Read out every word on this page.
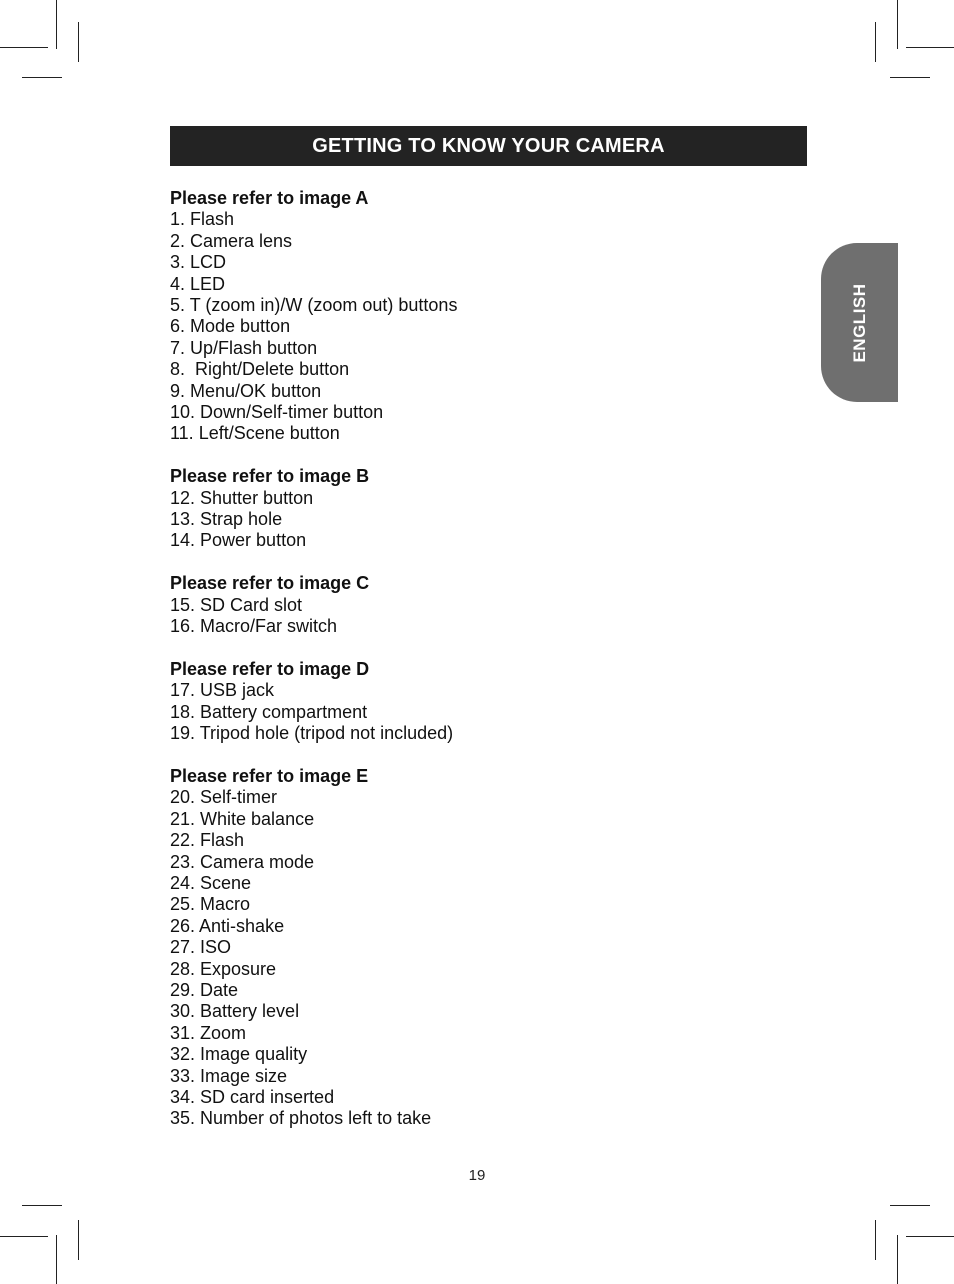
GETTING TO KNOW YOUR CAMERA
ENGLISH
Please refer to image A
1. Flash
2. Camera lens
3. LCD
4. LED
5. T (zoom in)/W (zoom out) buttons
6. Mode button
7. Up/Flash button
8.  Right/Delete button
9. Menu/OK button
10. Down/Self-timer button
11. Left/Scene button
Please refer to image B
12. Shutter button
13. Strap hole
14. Power button
Please refer to image C
15. SD Card slot
16. Macro/Far switch
Please refer to image D
17. USB jack
18. Battery compartment
19. Tripod hole (tripod not included)
Please refer to image E
20. Self-timer
21. White balance
22. Flash
23. Camera mode
24. Scene
25. Macro
26. Anti-shake
27. ISO
28. Exposure
29. Date
30. Battery level
31. Zoom
32. Image quality
33. Image size
34. SD card inserted
35. Number of photos left to take
19
